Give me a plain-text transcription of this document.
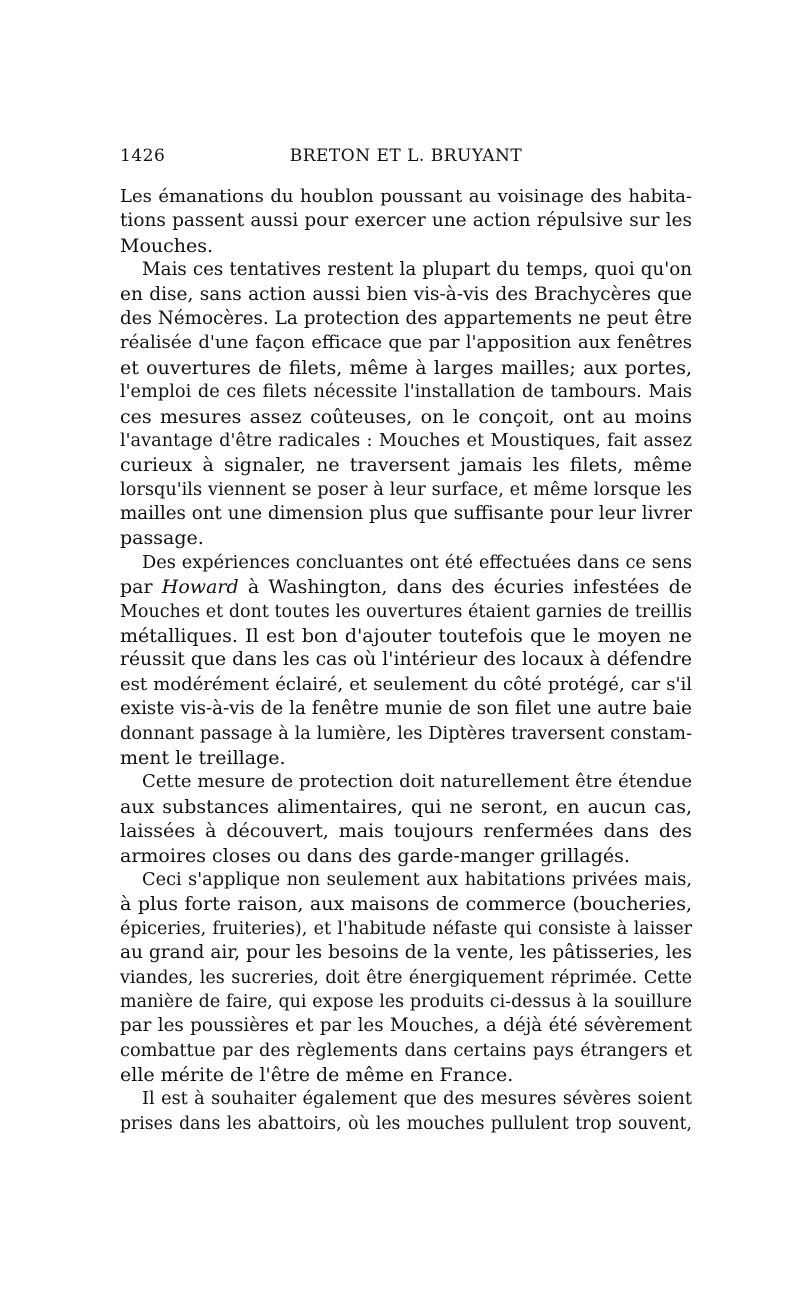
1426	BRETON ET L. BRUYANT
Les émanations du houblon poussant au voisinage des habita-
tions passent aussi pour exercer une action répulsive sur les
Mouches.
Mais ces tentatives restent la plupart du temps, quoi qu'on
en dise, sans action aussi bien vis-à-vis des Brachycères que
des Némocères. La protection des appartements ne peut être
réalisée d'une façon efficace que par l'apposition aux fenêtres
et ouvertures de filets, même à larges mailles; aux portes,
l'emploi de ces filets nécessite l'installation de tambours. Mais
ces mesures assez coûteuses, on le conçoit, ont au moins
l'avantage d'être radicales : Mouches et Moustiques, fait assez
curieux à signaler, ne traversent jamais les filets, même
lorsqu'ils viennent se poser à leur surface, et même lorsque les
mailles ont une dimension plus que suffisante pour leur livrer
passage.
Des expériences concluantes ont été effectuées dans ce sens
par Howard à Washington, dans des écuries infestées de
Mouches et dont toutes les ouvertures étaient garnies de treillis
métalliques. Il est bon d'ajouter toutefois que le moyen ne
réussit que dans les cas où l'intérieur des locaux à défendre
est modérément éclairé, et seulement du côté protégé, car s'il
existe vis-à-vis de la fenêtre munie de son filet une autre baie
donnant passage à la lumière, les Diptères traversent constam-
ment le treillage.
Cette mesure de protection doit naturellement être étendue
aux substances alimentaires, qui ne seront, en aucun cas,
laissées à découvert, mais toujours renfermées dans des
armoires closes ou dans des garde-manger grillagés.
Ceci s'applique non seulement aux habitations privées mais,
à plus forte raison, aux maisons de commerce (boucheries,
épiceries, fruiteries), et l'habitude néfaste qui consiste à laisser
au grand air, pour les besoins de la vente, les pâtisseries, les
viandes, les sucreries, doit être énergiquement réprimée. Cette
manière de faire, qui expose les produits ci-dessus à la souillure
par les poussières et par les Mouches, a déjà été sévèrement
combattue par des règlements dans certains pays étrangers et
elle mérite de l'être de même en France.
Il est à souhaiter également que des mesures sévères soient
prises dans les abattoirs, où les mouches pullulent trop souvent,
